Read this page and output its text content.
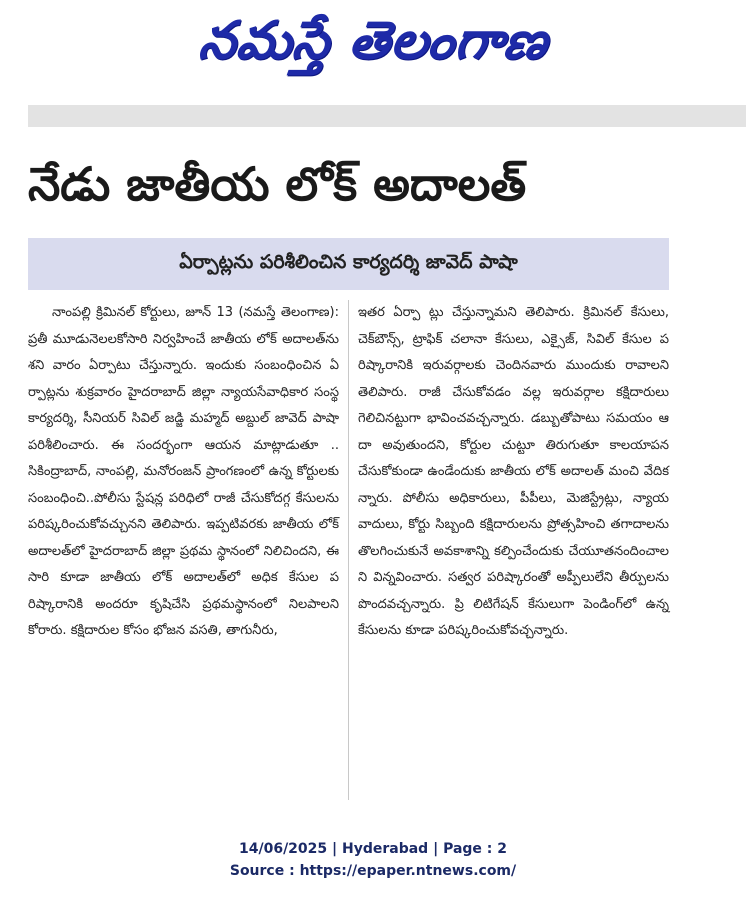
నమస్తే తెలంగాణ
నేడు జాతీయ లోక్ అదాలత్
ఏర్పాట్లను పరిశీలించిన కార్యదర్శి జావెద్ పాషా

నాంపల్లి క్రిమినల్ కోర్టులు, జూన్ 13 (నమస్తే తెలంగాణ): ప్రతీ మూడునెలలకోసారి నిర్వహించే జాతీయ లోక్ అదాలత్‌ను శని వారం ఏర్పాటు చేస్తున్నారు. ఇందుకు సంబంధించిన ఏర్పాట్లను శుక్రవారం హైదరాబాద్ జిల్లా న్యాయసేవాధికార సంస్థ కార్యదర్శి, సీనియర్ సివిల్ జడ్జి మహ్మద్ అబ్దుల్ జావెద్ పాషా పరిశీలించారు. ఈ సందర్భంగా ఆయన మాట్లాడుతూ .. సికింద్రాబాద్, నాంపల్లి, మనోరంజన్ ప్రాంగణంలో ఉన్న కోర్టులకు సంబంధించి..పోలీసు స్టేషన్ల పరిధిలో రాజీ చేసుకోదగ్గ కేసులను పరిష్కరించుకోవచ్చునని తెలిపారు. ఇప్పటివరకు జాతీయ లోక్ అదాలత్‌లో హైదరాబాద్ జిల్లా ప్రథమ స్థానంలో నిలిచిందని, ఈసారి కూడా జాతీయ లోక్ అదాలత్‌లో అధిక కేసుల పరిష్కారానికి అందరూ కృషిచేసి ప్రథమస్థానంలో నిలపాలని కోరారు. కక్షిదారుల కోసం భోజన వసతి, తాగునీరు,

ఇతర ఏర్పా ట్లు చేస్తున్నామని తెలిపారు. క్రిమినల్ కేసులు, చెక్‌బౌన్స్, ట్రాఫిక్ చలానా కేసులు, ఎక్సైజ్, సివిల్ కేసుల పరిష్కారానికి ఇరువర్గాలకు చెందినవారు ముందుకు రావాలని తెలిపారు. రాజీ చేసుకోవడం వల్ల ఇరువర్గాల కక్షిదారులు గెలిచినట్టుగా భావించవచ్చన్నారు. డబ్బుతోపాటు సమయం ఆదా అవుతుందని, కోర్టుల చుట్టూ తిరుగుతూ కాలయాపన చేసుకోకుండా ఉండేందుకు జాతీయ లోక్ అదాలత్ మంచి వేదికన్నారు. పోలీసు అధికారులు, పీపీలు, మెజిస్ట్రేట్లు, న్యాయవాదులు, కోర్టు సిబ్బంది కక్షిదారులను ప్రోత్సహించి తగాదాలను తొలగించుకునే అవకాశాన్ని కల్పించేందుకు చేయూతనందించాలని విన్నవించారు. సత్వర పరిష్కారంతో అప్పీలులేని తీర్పులను పొందవచ్చన్నారు. ప్రి లిటిగేషన్ కేసులుగా పెండింగ్‌లో ఉన్న కేసులను కూడా పరిష్కరించుకోవచ్చన్నారు.

14/06/2025 | Hyderabad | Page : 2
Source : https://epaper.ntnews.com/
